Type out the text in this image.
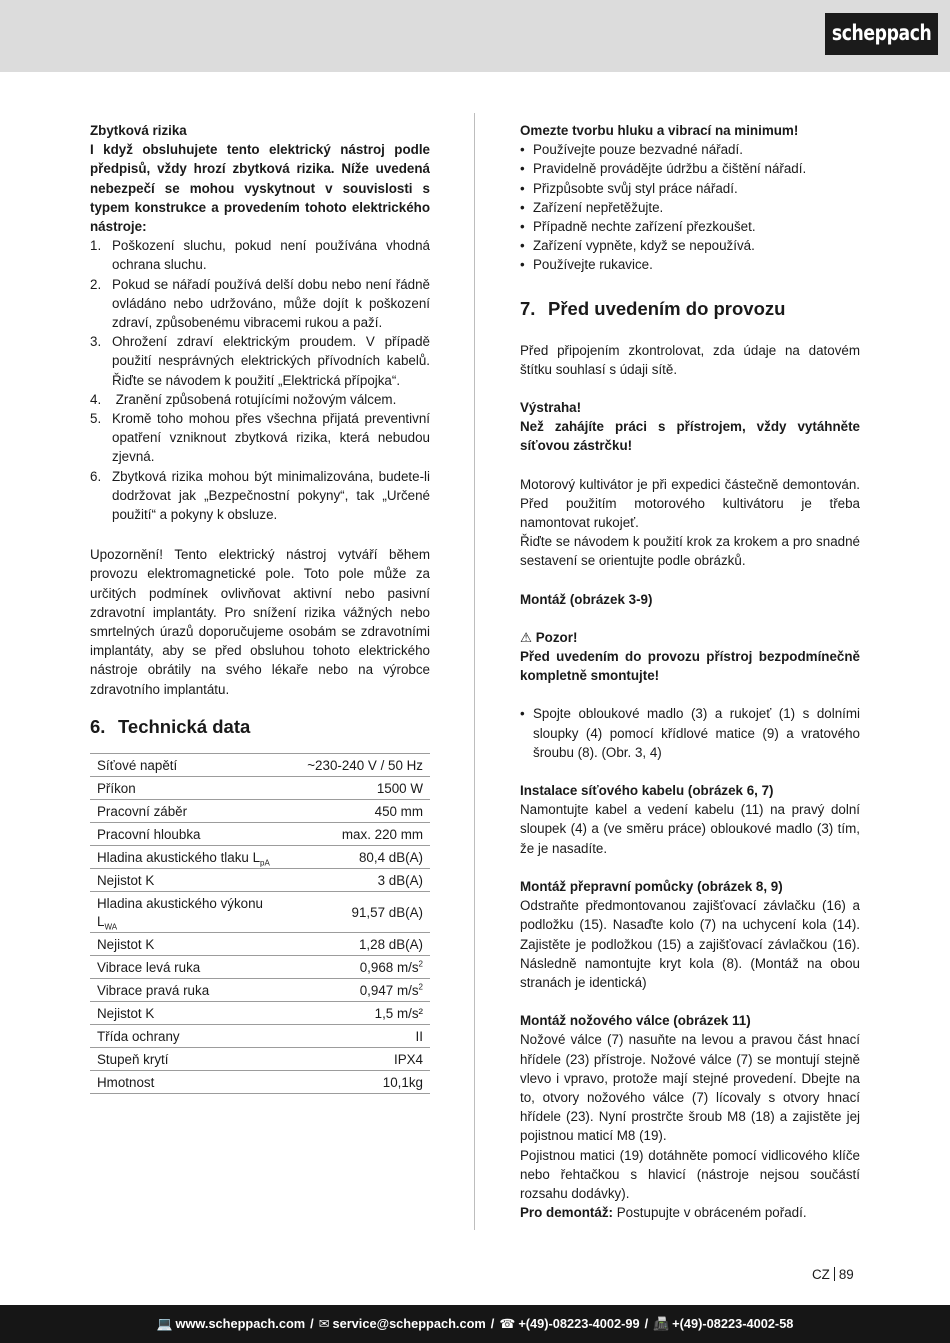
scheppach

Zbytková rizika

I když obsluhujete tento elektrický nástroj podle předpisů, vždy hrozí zbytková rizika. Níže uvedená nebezpečí se mohou vyskytnout v souvislosti s typem konstrukce a provedením tohoto elektrického nástroje:

1. Poškození sluchu, pokud není používána vhodná ochrana sluchu.
2. Pokud se nářadí používá delší dobu nebo není řádně ovládáno nebo udržováno, může dojít k poškození zdraví, způsobenému vibracemi rukou a paží.
3. Ohrožení zdraví elektrickým proudem. V případě použití nesprávných elektrických přívodních kabelů. Řiďte se návodem k použití „Elektrická přípojka“.
4. Zranění způsobená rotujícími nožovým válcem.
5. Kromě toho mohou přes všechna přijatá preventivní opatření vzniknout zbytková rizika, která nebudou zjevná.
6. Zbytková rizika mohou být minimalizována, budete-li dodržovat jak „Bezpečnostní pokyny“, tak „Určené použití“ a pokyny k obsluze.

Upozornění! Tento elektrický nástroj vytváří během provozu elektromagnetické pole. Toto pole může za určitých podmínek ovlivňovat aktivní nebo pasivní zdravotní implantáty. Pro snížení rizika vážných nebo smrtelných úrazů doporučujeme osobám se zdravotními implantáty, aby se před obsluhou tohoto elektrického nástroje obrátily na svého lékaře nebo na výrobce zdravotního implantátu.

6. Technická data
Síťové napětí	~230-240 V / 50 Hz
Příkon	1500 W
Pracovní záběr	450 mm
Pracovní hloubka	max. 220 mm
Hladina akustického tlaku $L_{pA}$	80,4 dB(A)
Nejistot K	3 dB(A)
Hladina akustického výkonu $L_{WA}$	91,57 dB(A)
Nejistot K	1,28 dB(A)
Vibrace levá ruka	0,968 $m/s^2$
Vibrace pravá ruka	0,947 $m/s^2$
Nejistot K	1,5 m/s²
Třída ochrany	II
Stupeň krytí	IPX4
Hmotnost	10,1kg

Omezte tvorbu hluku a vibrací na minimum!

• Používejte pouze bezvadné nářadí.
• Pravidelně provádějte údržbu a čištění nářadí.
• Přizpůsobte svůj styl práce nářadí.
• Zařízení nepřetěžujte.
• Případně nechte zařízení přezkoušet.
• Zařízení vypněte, když se nepoužívá.
• Používejte rukavice.
7. Před uvedením do provozu

Před připojením zkontrolovat, zda údaje na datovém štítku souhlasí s údaji sítě.

Výstraha!

Než zahájíte práci s přístrojem, vždy vytáhněte síťovou zástrčku!

Motorový kultivátor je při expedici částečně demontován. Před použitím motorového kultivátoru je třeba namontovat rukojeť.

Řiďte se návodem k použití krok za krokem a pro snadné sestavení se orientujte podle obrázků.

Montáž (obrázek 3-9)

⚠ Pozor!

Před uvedením do provozu přístroj bezpodmínečně kompletně smontujte!

• Spojte obloukové madlo (3) a rukojeť (1) s dolními sloupky (4) pomocí křídlové matice (9) a vratového šroubu (8). (Obr. 3, 4)

Instalace síťového kabelu (obrázek 6, 7)

Namontujte kabel a vedení kabelu (11) na pravý dolní sloupek (4) a (ve směru práce) obloukové madlo (3) tím, že je nasadíte.

Montáž přepravní pomůcky (obrázek 8, 9)

Odstraňte předmontovanou zajišťovací závlačku (16) a podložku (15). Nasaďte kolo (7) na uchycení kola (14). Zajistěte je podložkou (15) a zajišťovací závlačkou (16). Následně namontujte kryt kola (8). (Montáž na obou stranách je identická)

Montáž nožového válce (obrázek 11)

Nožové válce (7) nasuňte na levou a pravou část hnací hřídele (23) přístroje. Nožové válce (7) se montují stejně vlevo i vpravo, protože mají stejné provedení. Dbejte na to, otvory nožového válce (7) lícovaly s otvory hnací hřídele (23). Nyní prostrčte šroub M8 (18) a zajistěte jej pojistnou maticí M8 (19).

Pojistnou matici (19) dotáhněte pomocí vidlicového klíče nebo řehtačkou s hlavicí (nástroje nejsou součástí rozsahu dodávky).

Pro demontáž: Postupujte v obráceném pořadí.

CZ 89
💻 www.scheppach.com / ✉ service@scheppach.com / ☎ +(49)-08223-4002-99 / 📠 +(49)-08223-4002-58
